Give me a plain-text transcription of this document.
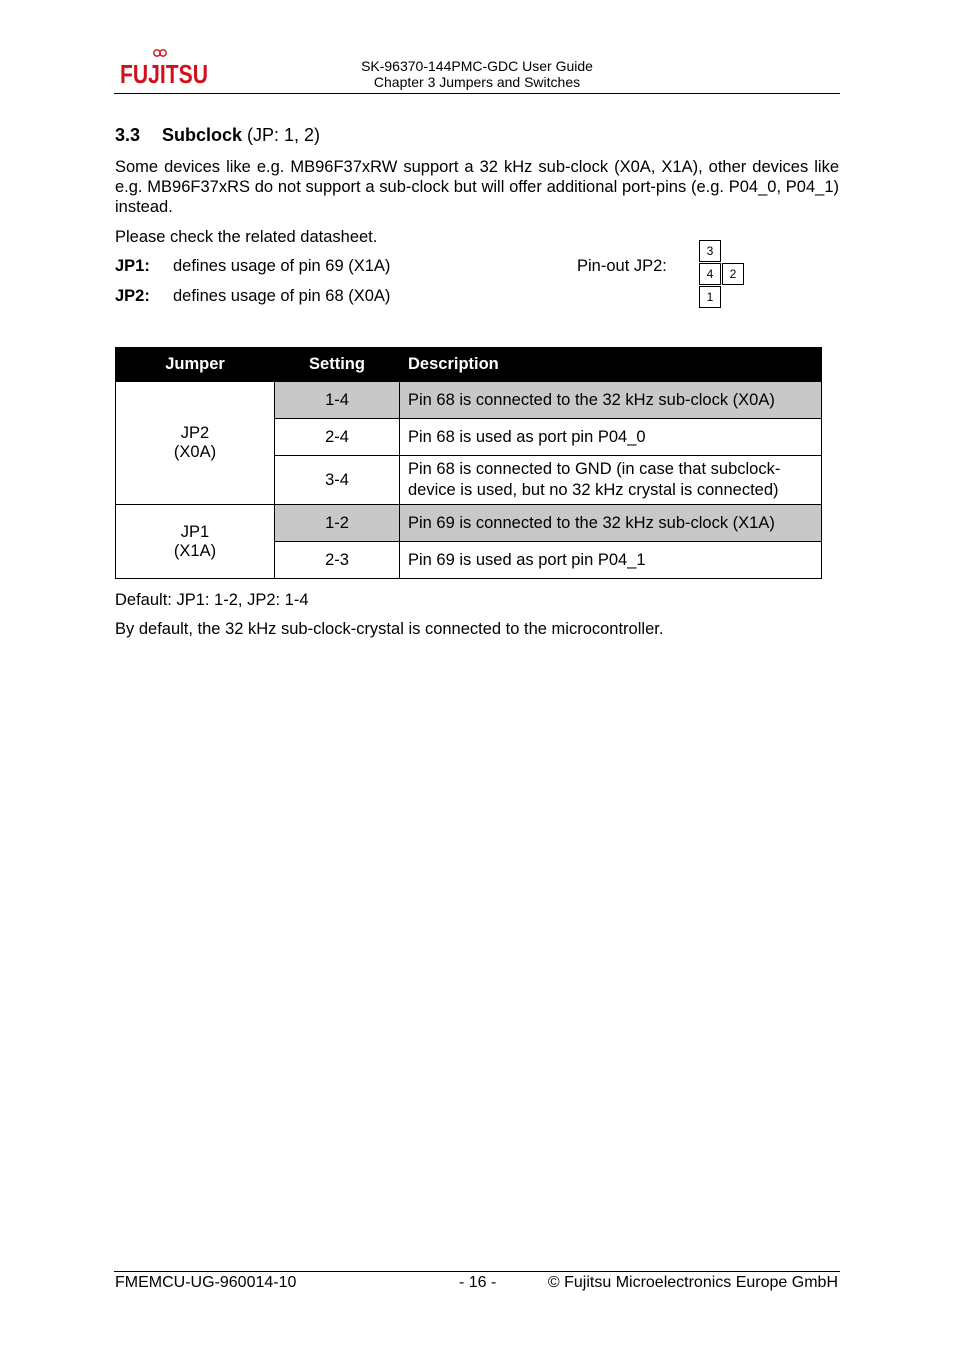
FUJITSU	SK-96370-144PMC-GDC User Guide
Chapter 3 Jumpers and Switches
3.3 Subclock (JP: 1, 2)
Some devices like e.g. MB96F37xRW support a 32 kHz sub-clock (X0A, X1A), other devices like e.g. MB96F37xRS do not support a sub-clock but will offer additional port-pins (e.g. P04_0, P04_1) instead.
Please check the related datasheet.
JP1: defines usage of pin 69 (X1A)
JP2: defines usage of pin 68 (X0A)
Pin-out JP2:
3
4	2
1
Jumper	Setting	Description

JP2
(X0A)	1-4	Pin 68 is connected to the 32 kHz sub-clock (X0A)
	2-4	Pin 68 is used as port pin P04_0
	3-4	Pin 68 is connected to GND (in case that subclock-device is used, but no 32 kHz crystal is connected)

JP1
(X1A)	1-2	Pin 69 is connected to the 32 kHz sub-clock (X1A)
	2-3	Pin 69 is used as port pin P04_1
Default: JP1: 1-2, JP2: 1-4
By default, the 32 kHz sub-clock-crystal is connected to the microcontroller.
FMEMCU-UG-960014-10	- 16 -	© Fujitsu Microelectronics Europe GmbH
